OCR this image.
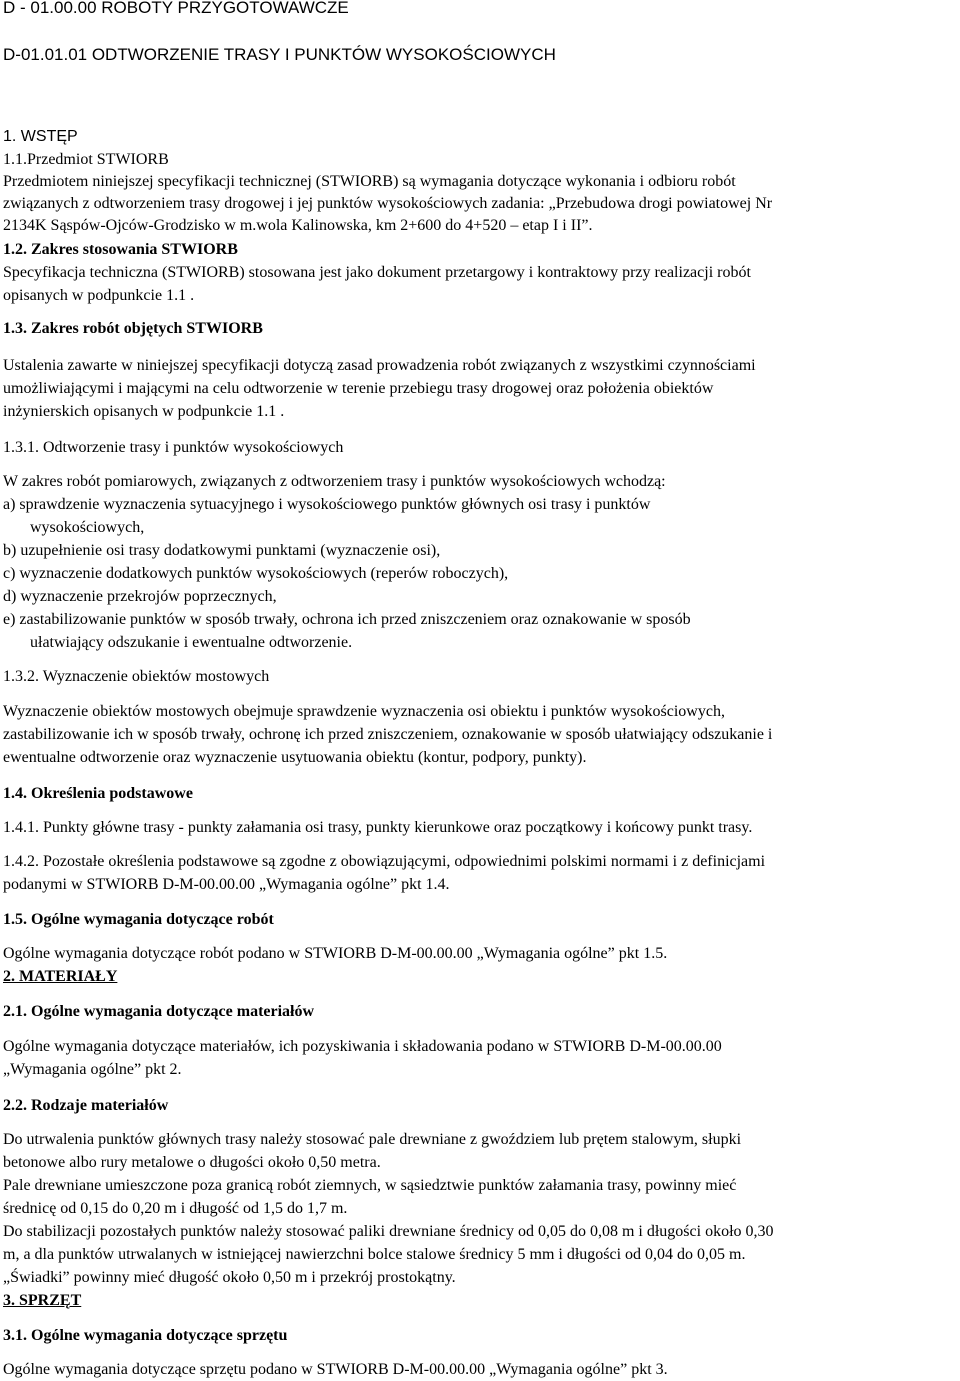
D - 01.00.00 ROBOTY PRZYGOTOWAWCZE
D-01.01.01 ODTWORZENIE TRASY I PUNKTÓW WYSOKOŚCIOWYCH
1. WSTĘP
1.1.Przedmiot STWIORB
Przedmiotem niniejszej specyfikacji technicznej (STWIORB) są wymagania dotyczące wykonania i odbioru robót
związanych z odtworzeniem trasy drogowej i jej punktów wysokościowych zadania: „Przebudowa drogi powiatowej Nr
2134K Sąspów-Ojców-Grodzisko w m.wola Kalinowska, km 2+600 do 4+520 – etap I i II”.
1.2. Zakres stosowania STWIORB
Specyfikacja techniczna (STWIORB) stosowana jest jako dokument przetargowy i kontraktowy przy realizacji robót
opisanych w podpunkcie 1.1 .
1.3. Zakres robót objętych STWIORB
Ustalenia zawarte w niniejszej specyfikacji dotyczą zasad prowadzenia robót związanych z wszystkimi czynnościami
umożliwiającymi i mającymi na celu odtworzenie w terenie przebiegu trasy drogowej oraz położenia obiektów
inżynierskich opisanych w podpunkcie 1.1 .
1.3.1. Odtworzenie trasy i punktów wysokościowych
W zakres robót pomiarowych, związanych z odtworzeniem trasy i punktów wysokościowych wchodzą:
a) sprawdzenie wyznaczenia sytuacyjnego i wysokościowego punktów głównych osi trasy i punktów
wysokościowych,
b) uzupełnienie osi trasy dodatkowymi punktami (wyznaczenie osi),
c) wyznaczenie dodatkowych punktów wysokościowych (reperów roboczych),
d) wyznaczenie przekrojów poprzecznych,
e) zastabilizowanie punktów w sposób trwały, ochrona ich przed zniszczeniem oraz oznakowanie w sposób
ułatwiający odszukanie i ewentualne odtworzenie.
1.3.2. Wyznaczenie obiektów mostowych
Wyznaczenie obiektów mostowych obejmuje sprawdzenie wyznaczenia osi obiektu i punktów wysokościowych,
zastabilizowanie ich w sposób trwały, ochronę ich przed zniszczeniem, oznakowanie w sposób ułatwiający odszukanie i
ewentualne odtworzenie oraz wyznaczenie usytuowania obiektu (kontur, podpory, punkty).
1.4. Określenia podstawowe
1.4.1. Punkty główne trasy - punkty załamania osi trasy, punkty kierunkowe oraz początkowy i końcowy punkt trasy.
1.4.2. Pozostałe określenia podstawowe są zgodne z obowiązującymi, odpowiednimi polskimi normami i z definicjami
podanymi w STWIORB D-M-00.00.00 „Wymagania ogólne” pkt 1.4.
1.5. Ogólne wymagania dotyczące robót
Ogólne wymagania dotyczące robót podano w STWIORB D-M-00.00.00 „Wymagania ogólne” pkt 1.5.
2. MATERIAŁY
2.1. Ogólne wymagania dotyczące materiałów
Ogólne wymagania dotyczące materiałów, ich pozyskiwania i składowania podano w STWIORB D-M-00.00.00
„Wymagania ogólne” pkt 2.
2.2. Rodzaje materiałów
Do utrwalenia punktów głównych trasy należy stosować pale drewniane z gwoździem lub prętem stalowym, słupki
betonowe albo rury metalowe o długości około 0,50 metra.
Pale drewniane umieszczone poza granicą robót ziemnych, w sąsiedztwie punktów załamania trasy, powinny mieć
średnicę od 0,15 do 0,20 m i długość od 1,5 do 1,7 m.
Do stabilizacji pozostałych punktów należy stosować paliki drewniane średnicy od 0,05 do 0,08 m i długości około 0,30
m, a dla punktów utrwalanych w istniejącej nawierzchni bolce stalowe średnicy 5 mm i długości od 0,04 do 0,05 m.
„Świadki” powinny mieć długość około 0,50 m i przekrój prostokątny.
3. SPRZĘT
3.1. Ogólne wymagania dotyczące sprzętu
Ogólne wymagania dotyczące sprzętu podano w STWIORB D-M-00.00.00 „Wymagania ogólne” pkt 3.
